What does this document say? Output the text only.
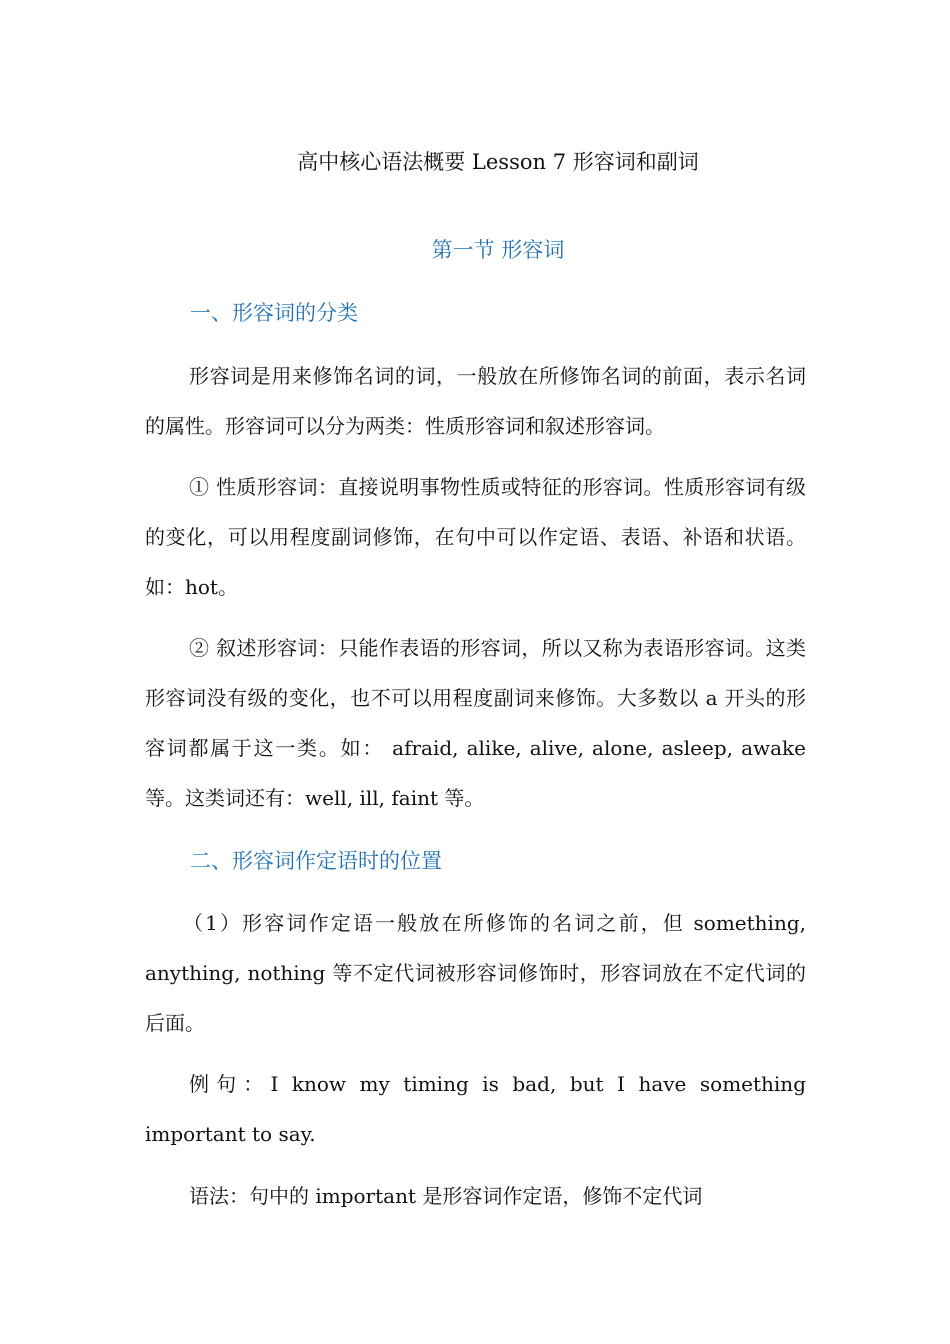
高中核心语法概要 Lesson 7 形容词和副词
第一节 形容词
一、形容词的分类
形容词是用来修饰名词的词，一般放在所修饰名词的前面，表示名词的属性。形容词可以分为两类：性质形容词和叙述形容词。
① 性质形容词：直接说明事物性质或特征的形容词。性质形容词有级的变化，可以用程度副词修饰，在句中可以作定语、表语、补语和状语。如：hot。
② 叙述形容词：只能作表语的形容词，所以又称为表语形容词。这类形容词没有级的变化，也不可以用程度副词来修饰。大多数以 a 开头的形容词都属于这一类。如： afraid, alike, alive, alone, asleep, awake 等。这类词还有：well, ill, faint 等。
二、形容词作定语时的位置
（1）形容词作定语一般放在所修饰的名词之前，但 something, anything, nothing 等不定代词被形容词修饰时，形容词放在不定代词的后面。
例句：I know my timing is bad, but I have something important to say.
语法：句中的 important 是形容词作定语，修饰不定代词
